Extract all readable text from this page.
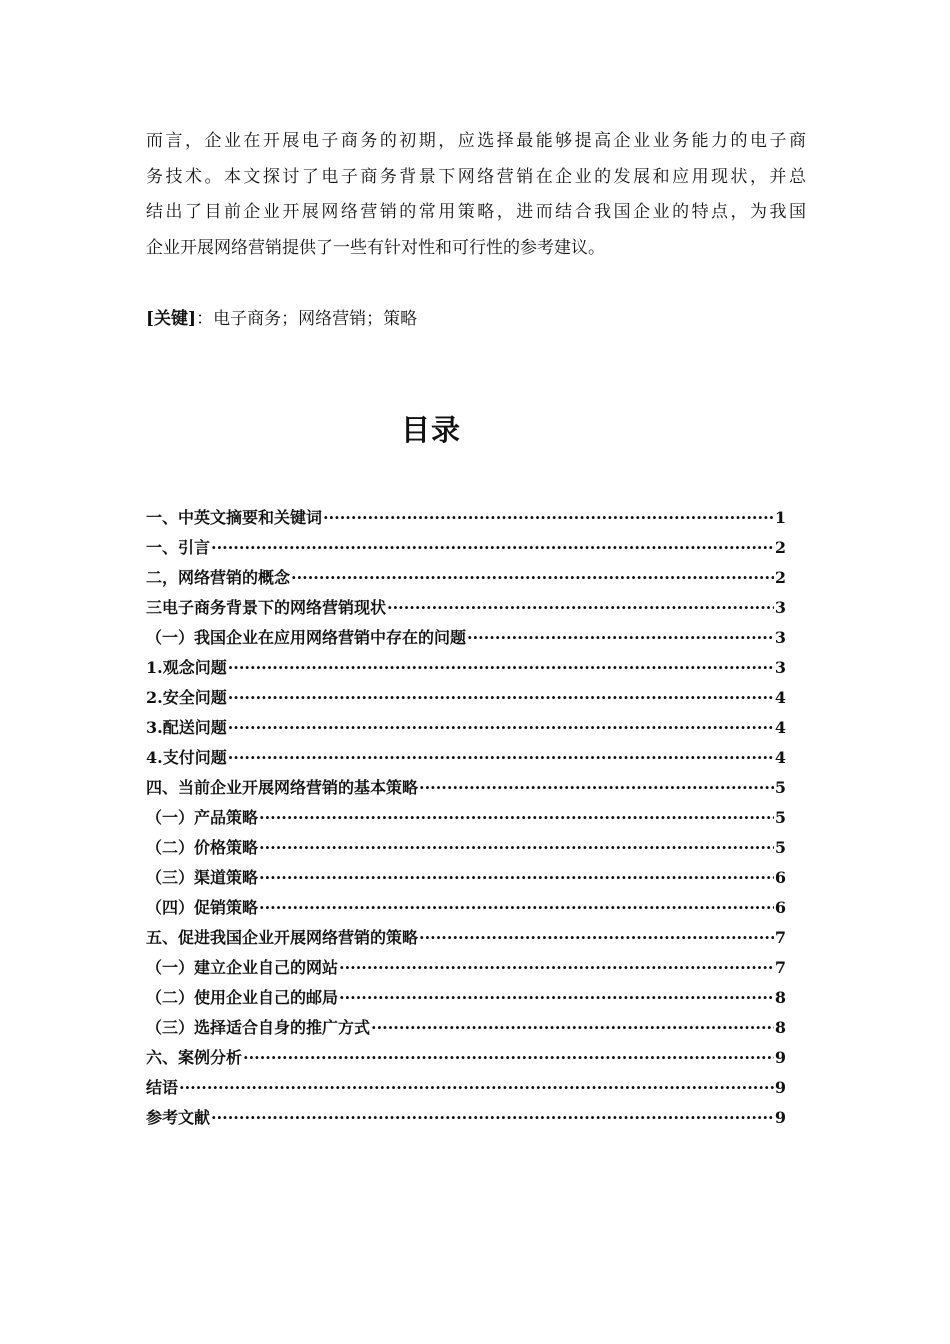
而言，企业在开展电子商务的初期，应选择最能够提高企业业务能力的电子商
务技术。本文探讨了电子商务背景下网络营销在企业的发展和应用现状，并总
结出了目前企业开展网络营销的常用策略，进而结合我国企业的特点，为我国
企业开展网络营销提供了一些有针对性和可行性的参考建议。

[关键]：电子商务；网络营销；策略
目录
一、中英文摘要和关键词 ·····	1
一、引言 ·····	2
二，网络营销的概念 ·····	2
三电子商务背景下的网络营销现状 ·····	3
（一）我国企业在应用网络营销中存在的问题 ·····	3
1.观念问题 ·····	3
2.安全问题 ·····	4
3.配送问题 ·····	4
4.支付问题 ·····	4
四、当前企业开展网络营销的基本策略 ·····	5
（一）产品策略 ·····	5
（二）价格策略 ·····	5
（三）渠道策略 ·····	6
（四）促销策略 ·····	6
五、促进我国企业开展网络营销的策略 ·····	7
（一）建立企业自己的网站 ·····	7
（二）使用企业自己的邮局 ·····	8
（三）选择适合自身的推广方式 ·····	8
六、案例分析 ·····	9
结语 ·····	9
参考文献 ·····	9
